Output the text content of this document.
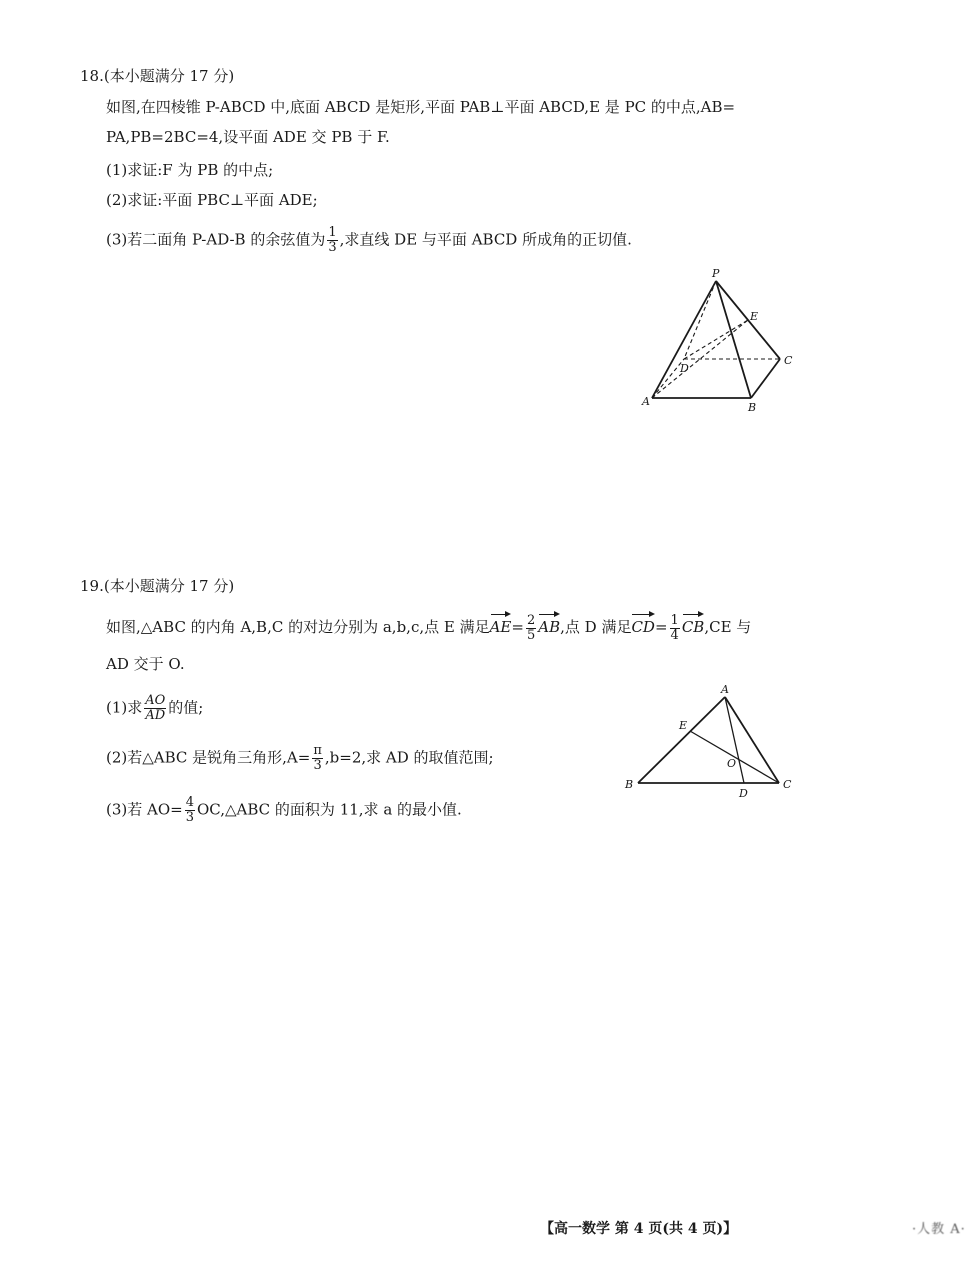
18.(本小题满分 17 分)
如图,在四棱锥 P-ABCD 中,底面 ABCD 是矩形,平面 PAB⊥平面 ABCD,E 是 PC 的中点,AB=
PA,PB=2BC=4,设平面 ADE 交 PB 于 F.
(1)求证:F 为 PB 的中点;
(2)求证:平面 PBC⊥平面 ADE;
(3)若二面角 P-AD-B 的余弦值为 $\frac{1}{3}$ ,求直线 DE 与平面 ABCD 所成角的正切值.
P
E
D
C
A	B
19.(本小题满分 17 分)
如图,△ABC 的内角 A,B,C 的对边分别为 a,b,c,点 E 满足$AE= \frac{2}{5}$ AB,点 D 满足$CD= \frac{1}{4} CB,CE$ 与
AD 交于 O.
(1)求 $\frac{AO}{AD}$ 的值;
(2)若△ABC 是锐角三角形$,A= \frac{\pi}{3} ,b=2$,求 AD 的取值范围;
(3)若 $AO= \frac{4}{3}$ OC,△ABC 的面积为 11,求 a 的最小值.
A
E
O
B
D
C
【高一数学 第 4 页(共 4 页)】	·人教 A·
